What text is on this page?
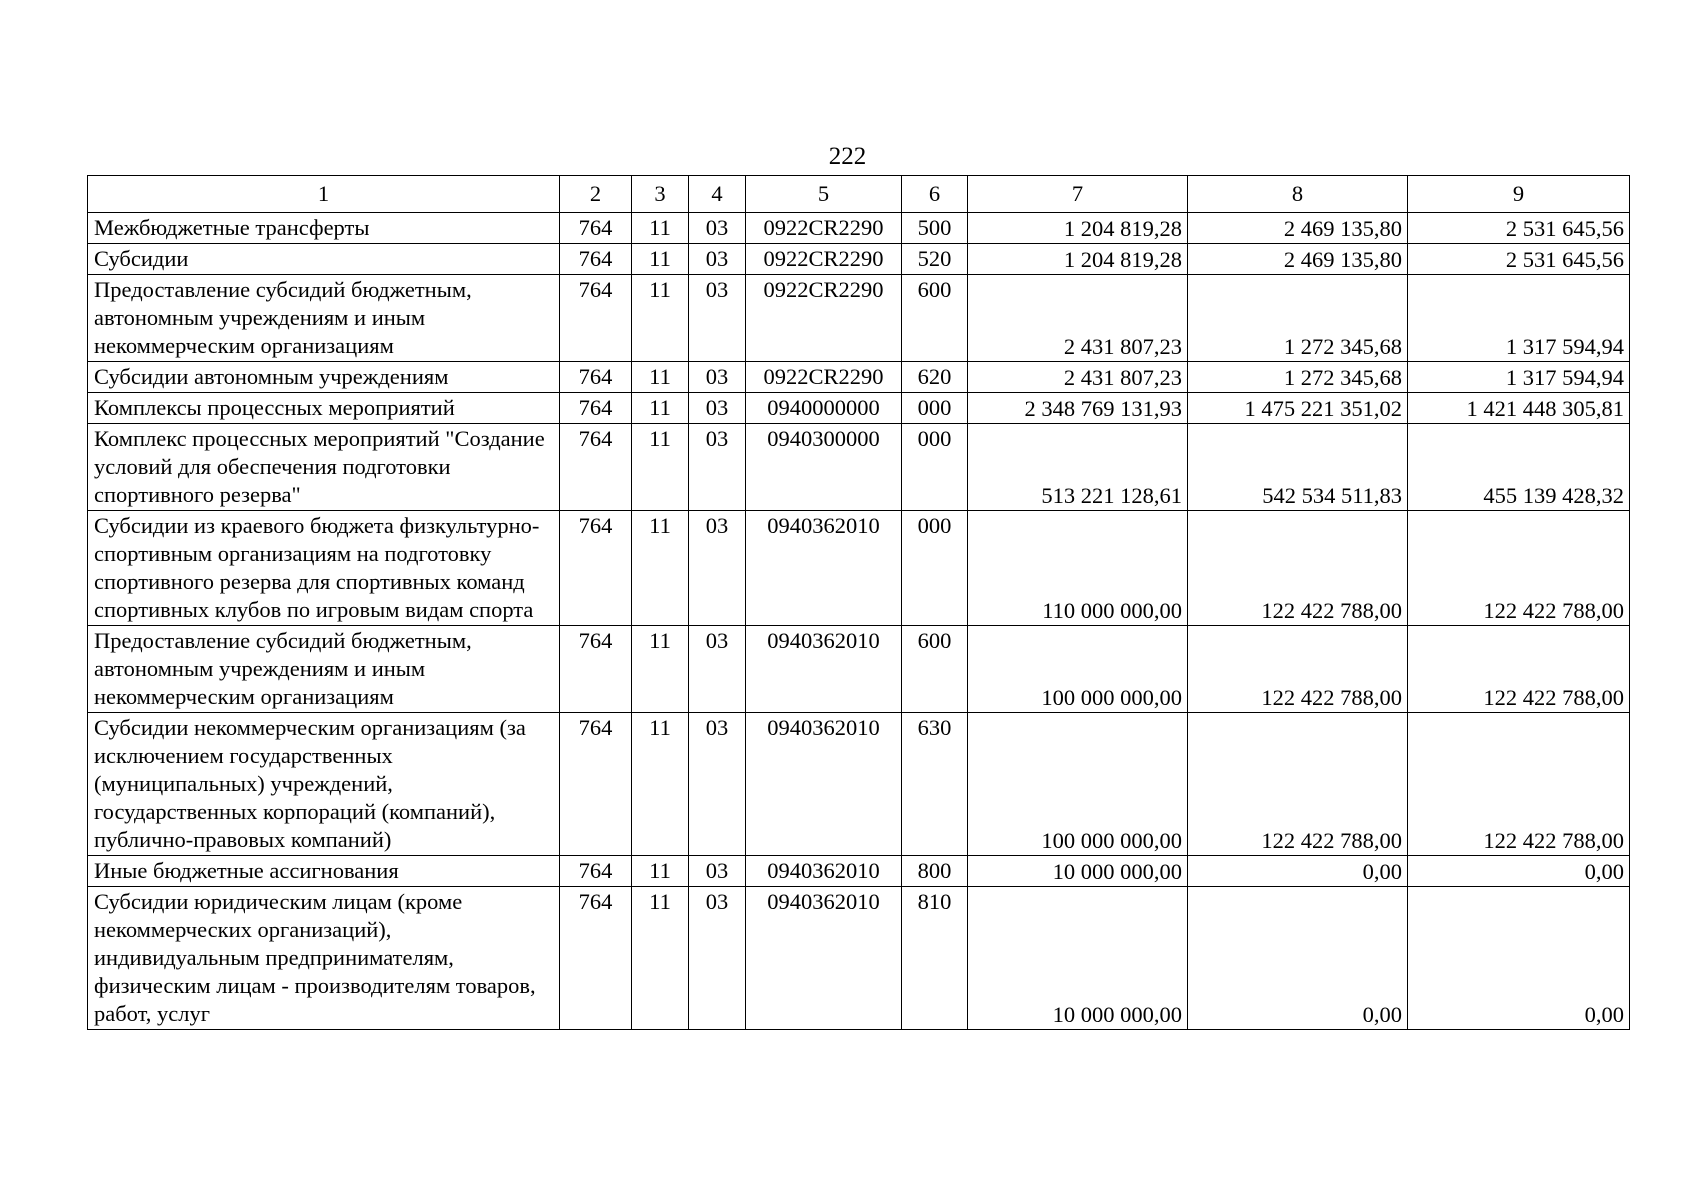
222
1	2	3	4	5	6	7	8	9
Межбюджетные трансферты	764	11	03	0922CR2290	500	1 204 819,28	2 469 135,80	2 531 645,56
Субсидии	764	11	03	0922CR2290	520	1 204 819,28	2 469 135,80	2 531 645,56
Предоставление субсидий бюджетным, автономным учреждениям и иным некоммерческим организациям	764	11	03	0922CR2290	600	2 431 807,23	1 272 345,68	1 317 594,94
Субсидии автономным учреждениям	764	11	03	0922CR2290	620	2 431 807,23	1 272 345,68	1 317 594,94
Комплексы процессных мероприятий	764	11	03	0940000000	000	2 348 769 131,93	1 475 221 351,02	1 421 448 305,81
Комплекс процессных мероприятий "Создание условий для обеспечения подготовки спортивного резерва"	764	11	03	0940300000	000	513 221 128,61	542 534 511,83	455 139 428,32
Субсидии из краевого бюджета физкультурно-спортивным организациям на подготовку спортивного резерва для спортивных команд спортивных клубов по игровым видам спорта	764	11	03	0940362010	000	110 000 000,00	122 422 788,00	122 422 788,00
Предоставление субсидий бюджетным, автономным учреждениям и иным некоммерческим организациям	764	11	03	0940362010	600	100 000 000,00	122 422 788,00	122 422 788,00
Субсидии некоммерческим организациям (за исключением государственных (муниципальных) учреждений, государственных корпораций (компаний), публично-правовых компаний)	764	11	03	0940362010	630	100 000 000,00	122 422 788,00	122 422 788,00
Иные бюджетные ассигнования	764	11	03	0940362010	800	10 000 000,00	0,00	0,00
Субсидии юридическим лицам (кроме некоммерческих организаций), индивидуальным предпринимателям, физическим лицам - производителям товаров, работ, услуг	764	11	03	0940362010	810	10 000 000,00	0,00	0,00
